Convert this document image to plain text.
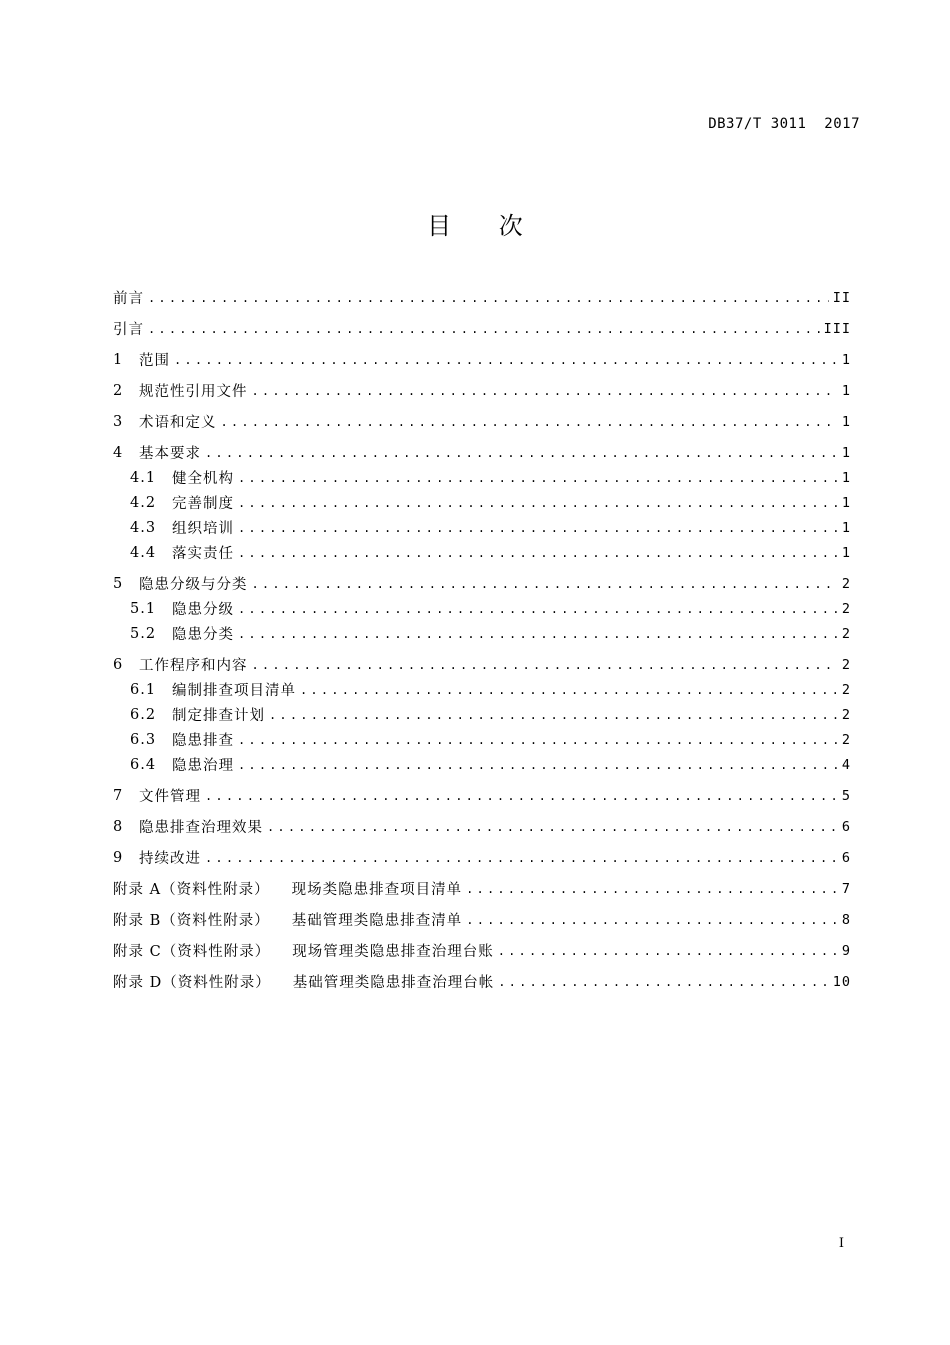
DB37/T 3011  2017
目 次
前言 .....	II
引言 .....	III
1	范围 .....	1
2	规范性引用文件 .....	1
3	术语和定义 .....	1
4	基本要求 .....	1
4.1	健全机构 .....	1
4.2	完善制度 .....	1
4.3	组织培训 .....	1
4.4	落实责任 .....	1
5	隐患分级与分类 .....	2
5.1	隐患分级 .....	2
5.2	隐患分类 .....	2
6	工作程序和内容 .....	2
6.1	编制排查项目清单 .....	2
6.2	制定排查计划 .....	2
6.3	隐患排查 .....	2
6.4	隐患治理 .....	4
7	文件管理 .....	5
8	隐患排查治理效果 .....	6
9	持续改进 .....	6
附录 A（资料性附录） 现场类隐患排查项目清单 .....	7
附录 B（资料性附录） 基础管理类隐患排查清单 .....	8
附录 C（资料性附录） 现场管理类隐患排查治理台账 .....	9
附录 D（资料性附录） 基础管理类隐患排查治理台帐 .....	10
I
